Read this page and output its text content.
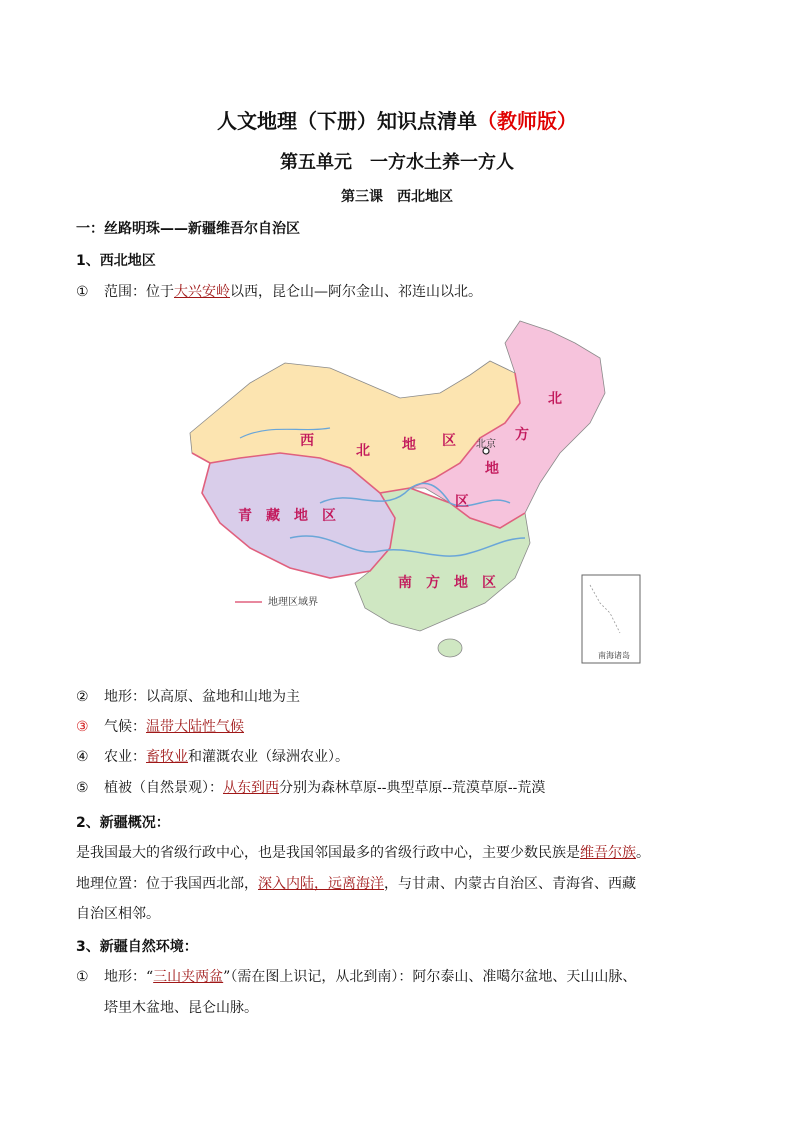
人文地理（下册）知识点清单（教师版）
第五单元　一方水土养一方人
第三课　西北地区
一：丝路明珠——新疆维吾尔自治区
1、西北地区
① 范围：位于大兴安岭以西，昆仑山—阿尔金山、祁连山以北。
西
北 地 区
北
方
地
区
青　藏　地　区
南　方　地　区
北京
地理区域界
南海诸岛
② 地形：以高原、盆地和山地为主
③ 气候：温带大陆性气候
④ 农业：畜牧业和灌溉农业（绿洲农业）。
⑤ 植被（自然景观）：从东到西分别为森林草原--典型草原--荒漠草原--荒漠
2、新疆概况：
是我国最大的省级行政中心，也是我国邻国最多的省级行政中心，主要少数民族是维吾尔族。
地理位置：位于我国西北部，深入内陆，远离海洋，与甘肃、内蒙古自治区、青海省、西藏
自治区相邻。
3、新疆自然环境：
① 地形：“三山夹两盆”（需在图上识记，从北到南）：阿尔泰山、准噶尔盆地、天山山脉、
塔里木盆地、昆仑山脉。
